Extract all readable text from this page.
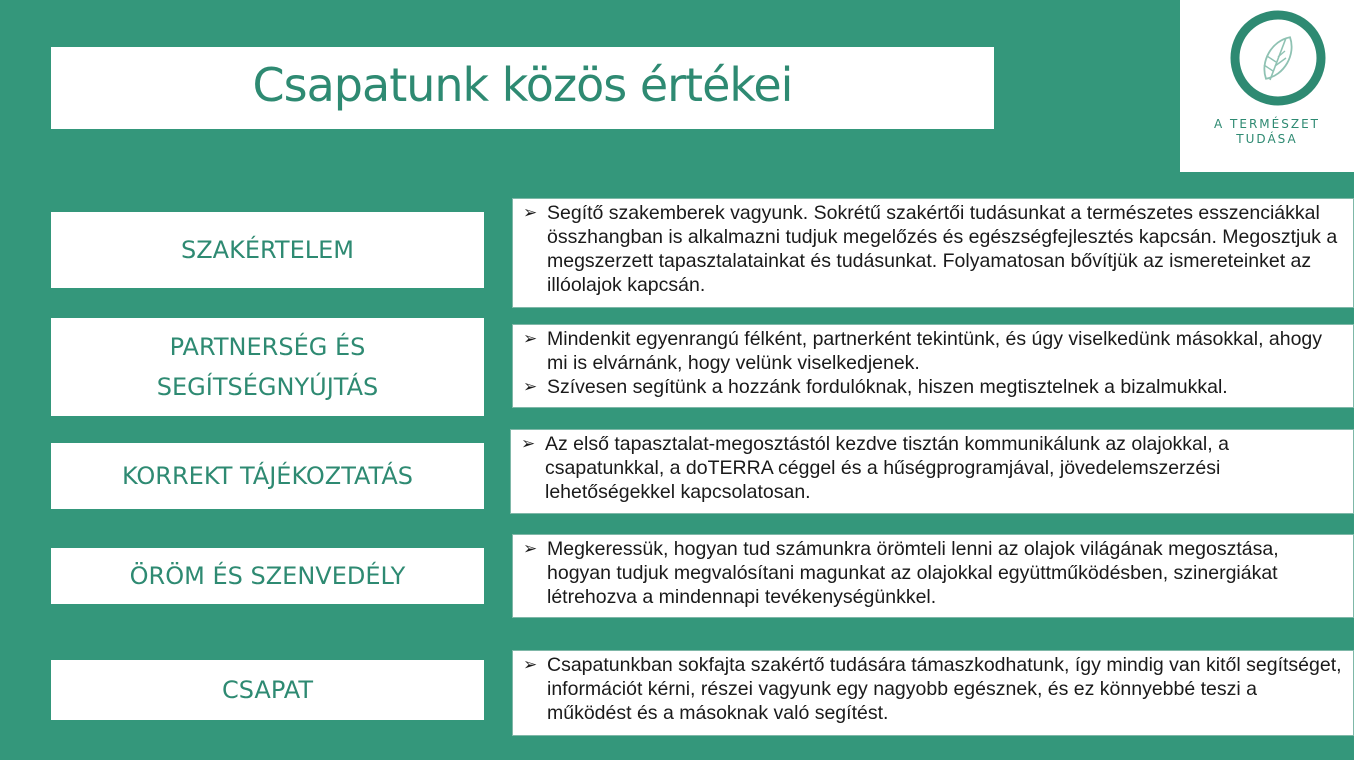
Csapatunk közös értékei
A TERMÉSZET
TUDÁSA
SZAKÉRTELEM
➢ Segítő szakemberek vagyunk. Sokrétű szakértői tudásunkat a természetes esszenciákkal összhangban is alkalmazni tudjuk megelőzés és egészségfejlesztés kapcsán. Megosztjuk a megszerzett tapasztalatainkat és tudásunkat. Folyamatosan bővítjük az ismereteinket az illóolajok kapcsán.
PARTNERSÉG ÉS SEGÍTSÉGNYÚJTÁS
➢ Mindenkit egyenrangú félként, partnerként tekintünk, és úgy viselkedünk másokkal, ahogy mi is elvárnánk, hogy velünk viselkedjenek.
➢ Szívesen segítünk a hozzánk fordulóknak, hiszen megtisztelnek a bizalmukkal.
KORREKT TÁJÉKOZTATÁS
➢ Az első tapasztalat-megosztástól kezdve tisztán kommunikálunk az olajokkal, a csapatunkkal, a doTERRA céggel és a hűségprogramjával, jövedelemszerzési lehetőségekkel kapcsolatosan.
ÖRÖM ÉS SZENVEDÉLY
➢ Megkeressük, hogyan tud számunkra örömteli lenni az olajok világának megosztása, hogyan tudjuk megvalósítani magunkat az olajokkal együttműködésben, szinergiákat létrehozva a mindennapi tevékenységünkkel.
CSAPAT
➢ Csapatunkban sokfajta szakértő tudására támaszkodhatunk, így mindig van kitől segítséget, információt kérni, részei vagyunk egy nagyobb egésznek, és ez könnyebbé teszi a működést és a másoknak való segítést.
